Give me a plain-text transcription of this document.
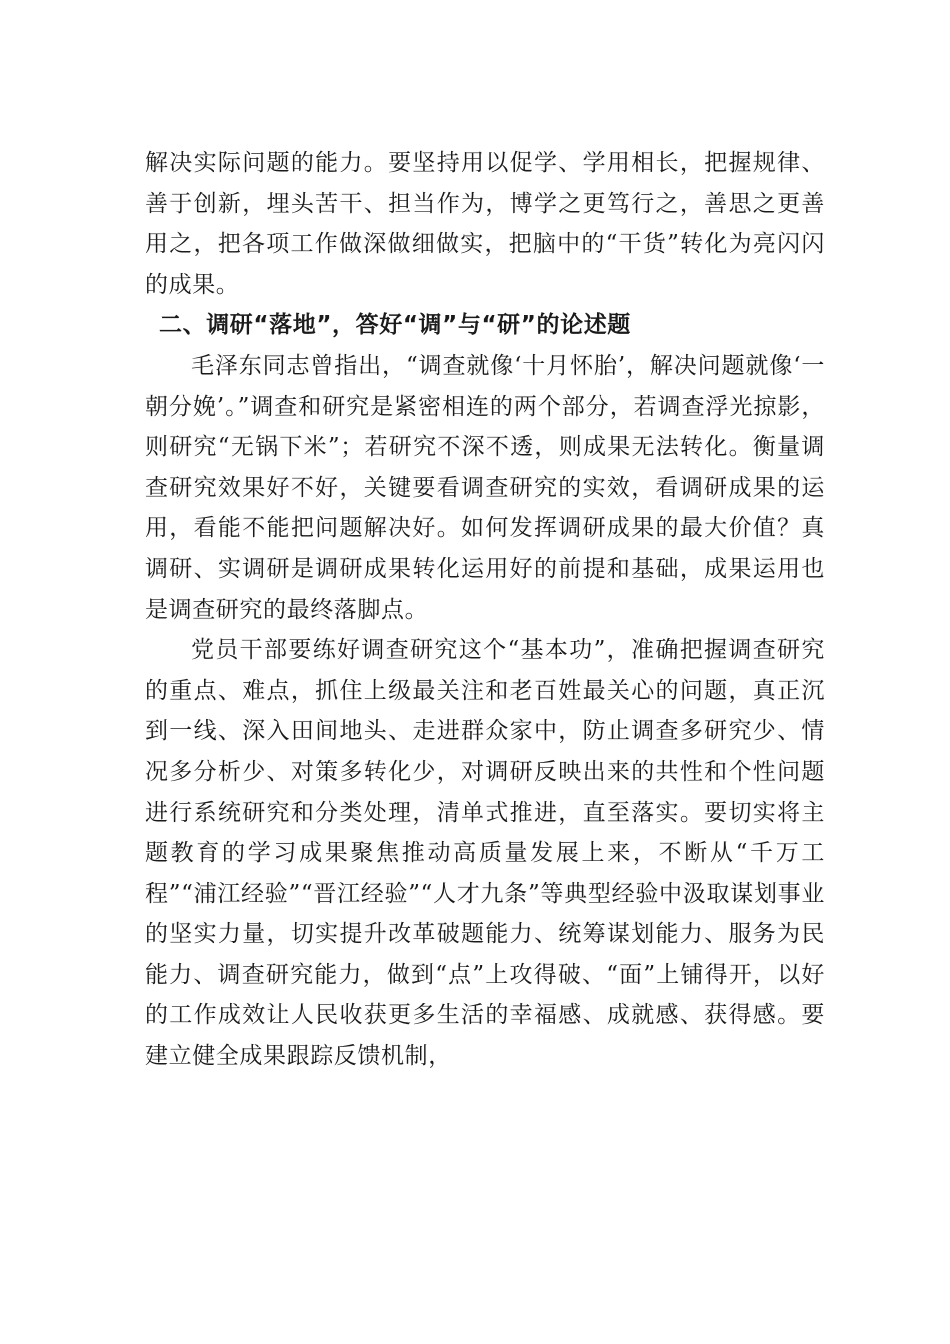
解决实际问题的能力。要坚持用以促学、学用相长，把握规律、善于创新，埋头苦干、担当作为，博学之更笃行之，善思之更善用之，把各项工作做深做细做实，把脑中的“干货”转化为亮闪闪的成果。

二、调研“落地”，答好“调”与“研”的论述题

毛泽东同志曾指出，“调查就像‘十月怀胎’，解决问题就像‘一朝分娩’。”调查和研究是紧密相连的两个部分，若调查浮光掠影，则研究“无锅下米”；若研究不深不透，则成果无法转化。衡量调查研究效果好不好，关键要看调查研究的实效，看调研成果的运用，看能不能把问题解决好。如何发挥调研成果的最大价值？真调研、实调研是调研成果转化运用好的前提和基础，成果运用也是调查研究的最终落脚点。

党员干部要练好调查研究这个“基本功”，准确把握调查研究的重点、难点，抓住上级最关注和老百姓最关心的问题，真正沉到一线、深入田间地头、走进群众家中，防止调查多研究少、情况多分析少、对策多转化少，对调研反映出来的共性和个性问题进行系统研究和分类处理，清单式推进，直至落实。要切实将主题教育的学习成果聚焦推动高质量发展上来，不断从“千万工程”“浦江经验”“晋江经验”“人才九条”等典型经验中汲取谋划事业的坚实力量，切实提升改革破题能力、统筹谋划能力、服务为民能力、调查研究能力，做到“点”上攻得破、“面”上铺得开，以好的工作成效让人民收获更多生活的幸福感、成就感、获得感。要建立健全成果跟踪反馈机制，
